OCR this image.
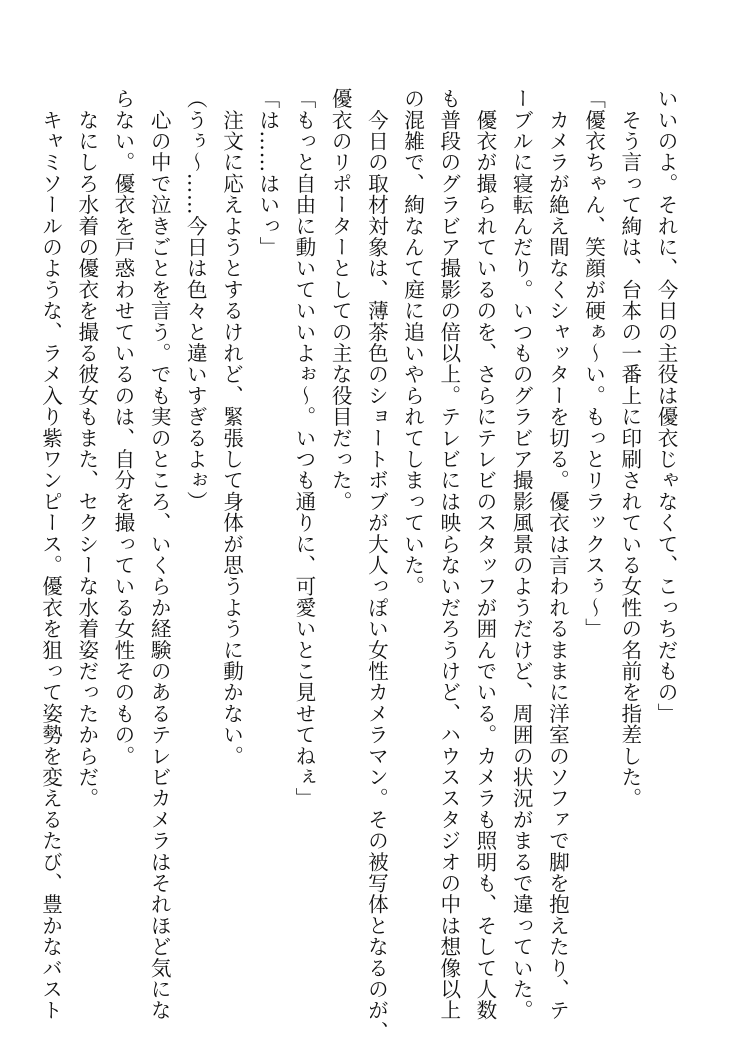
いいのよ。それに、今日の主役は優衣じゃなくて、こっちだもの」
　そう言って絢は、台本の一番上に印刷されている女性の名前を指差した。
「優衣ちゃん、笑顔が硬ぁ～い。もっとリラックスぅ～」
　カメラが絶え間なくシャッターを切る。優衣は言われるままに洋室のソファで脚を抱えたり、テ
ーブルに寝転んだり。いつものグラビア撮影風景のようだけど、周囲の状況がまるで違っていた。
　優衣が撮られているのを、さらにテレビのスタッフが囲んでいる。カメラも照明も、そして人数
も普段のグラビア撮影の倍以上。テレビには映らないだろうけど、ハウススタジオの中は想像以上
の混雑で、絢なんて庭に追いやられてしまっていた。
　今日の取材対象は、薄茶色のショートボブが大人っぽい女性カメラマン。その被写体となるのが、
優衣のリポーターとしての主な役目だった。
「もっと自由に動いていいよぉ～。いつも通りに、可愛いとこ見せてねぇ」
「は……はいっ」
　注文に応えようとするけれど、緊張して身体が思うように動かない。
（うぅ～……今日は色々と違いすぎるよぉ）
　心の中で泣きごとを言う。でも実のところ、いくらか経験のあるテレビカメラはそれほど気にな
らない。優衣を戸惑わせているのは、自分を撮っている女性そのもの。
　なにしろ水着の優衣を撮る彼女もまた、セクシーな水着姿だったからだ。
　キャミソールのような、ラメ入り紫ワンピース。優衣を狙って姿勢を変えるたび、豊かなバスト
